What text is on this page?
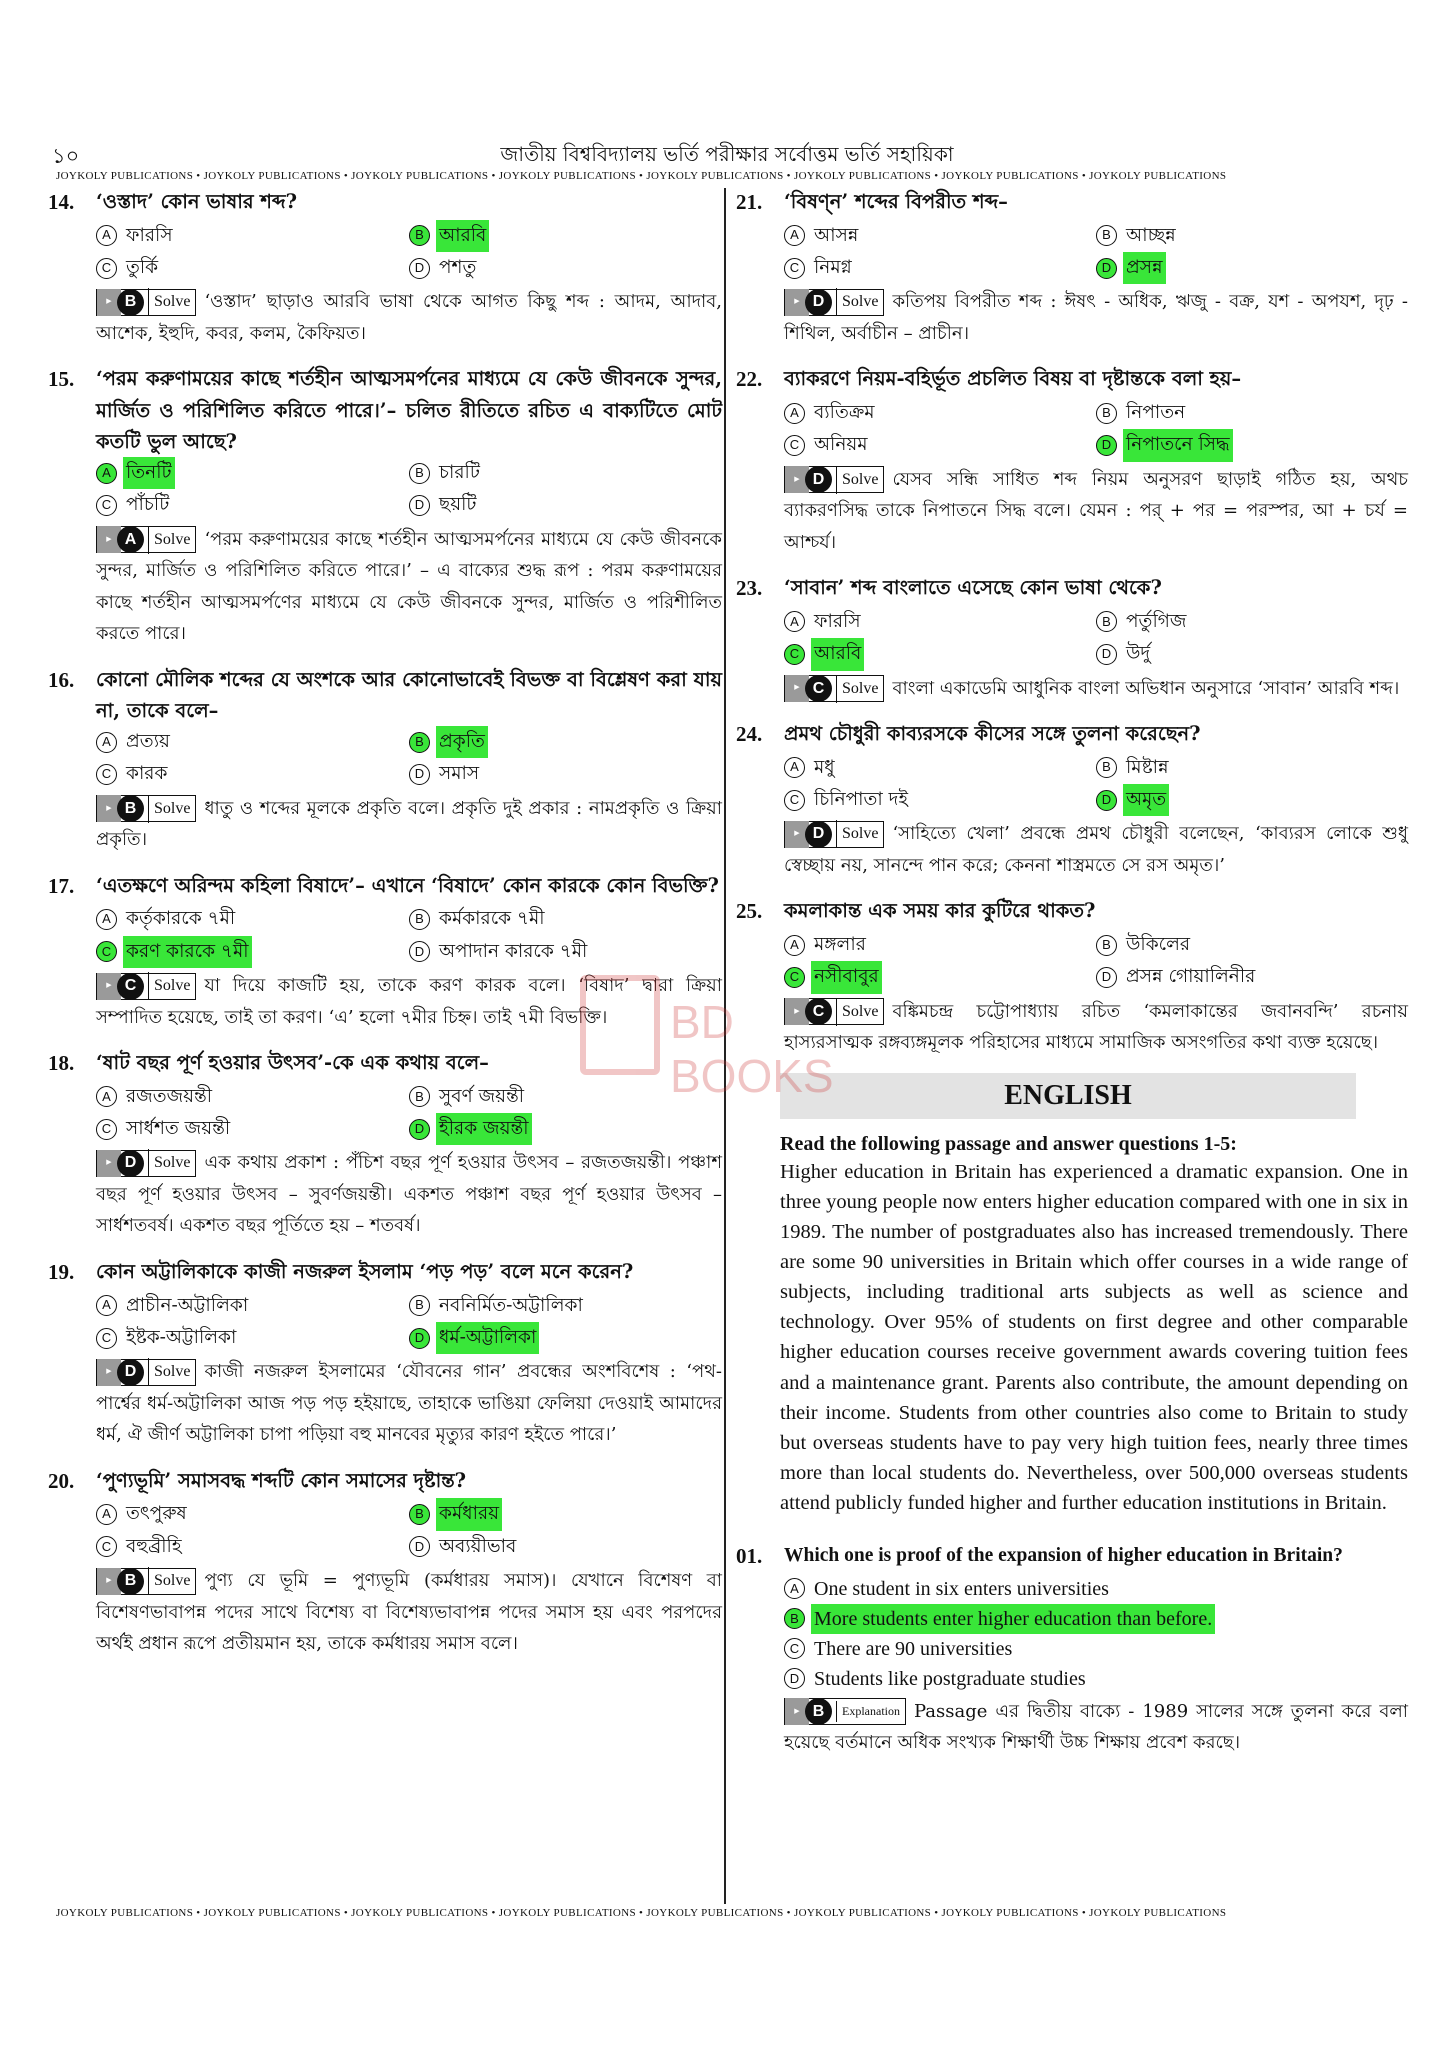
১০	জাতীয় বিশ্ববিদ্যালয় ভর্তি পরীক্ষার সর্বোত্তম ভর্তি সহায়িকা
JOYKOLY PUBLICATIONS • JOYKOLY PUBLICATIONS • JOYKOLY PUBLICATIONS • JOYKOLY PUBLICATIONS • JOYKOLY PUBLICATIONS • JOYKOLY PUBLICATIONS • JOYKOLY PUBLICATIONS • JOYKOLY PUBLICATIONS
14.	‘ওস্তাদ’ কোন ভাষার শব্দ?
A ফারসি	B আরবি
C তুর্কি	D পশতু
▶ B	Solve ‘ওস্তাদ’ ছাড়াও আরবি ভাষা থেকে আগত কিছু শব্দ : আদম, আদাব, আশেক, ইহুদি, কবর, কলম, কৈফিয়ত।
15.	‘পরম করুণাময়ের কাছে শর্তহীন আত্মসমর্পনের মাধ্যমে যে কেউ জীবনকে সুন্দর, মার্জিত ও পরিশিলিত করিতে পারে।’– চলিত রীতিতে রচিত এ বাক্যটিতে মোট কতটি ভুল আছে?
A তিনটি	B চারটি
C পাঁচটি	D ছয়টি
▶ A	Solve ‘পরম করুণাময়ের কাছে শর্তহীন আত্মসমর্পনের মাধ্যমে যে কেউ জীবনকে সুন্দর, মার্জিত ও পরিশিলিত করিতে পারে।’ – এ বাক্যের শুদ্ধ রূপ : পরম করুণাময়ের কাছে শর্তহীন আত্মসমর্পণের মাধ্যমে যে কেউ জীবনকে সুন্দর, মার্জিত ও পরিশীলিত করতে পারে।
16.	কোনো মৌলিক শব্দের যে অংশকে আর কোনোভাবেই বিভক্ত বা বিশ্লেষণ করা যায় না, তাকে বলে–
A প্রত্যয়	B প্রকৃতি
C কারক	D সমাস
▶ B	Solve ধাতু ও শব্দের মূলকে প্রকৃতি বলে। প্রকৃতি দুই প্রকার : নামপ্রকৃতি ও ক্রিয়া প্রকৃতি।
17.	‘এতক্ষণে অরিন্দম কহিলা বিষাদে’– এখানে ‘বিষাদে’ কোন কারকে কোন বিভক্তি?
A কর্তৃকারকে ৭মী	B কর্মকারকে ৭মী
C করণ কারকে ৭মী	D অপাদান কারকে ৭মী
▶ C	Solve যা দিয়ে কাজটি হয়, তাকে করণ কারক বলে। ‘বিষাদ’ দ্বারা ক্রিয়া সম্পাদিত হয়েছে, তাই তা করণ। ‘এ’ হলো ৭মীর চিহ্ন। তাই ৭মী বিভক্তি।
18.	‘ষাট বছর পূর্ণ হওয়ার উৎসব’-কে এক কথায় বলে–
A রজতজয়ন্তী	B সুবর্ণ জয়ন্তী
C সার্ধশত জয়ন্তী	D হীরক জয়ন্তী
▶ D	Solve এক কথায় প্রকাশ : পঁচিশ বছর পূর্ণ হওয়ার উৎসব – রজতজয়ন্তী। পঞ্চাশ বছর পূর্ণ হওয়ার উৎসব – সুবর্ণজয়ন্তী। একশত পঞ্চাশ বছর পূর্ণ হওয়ার উৎসব – সার্ধশতবর্ষ। একশত বছর পূর্তিতে হয় – শতবর্ষ।
19.	কোন অট্টালিকাকে কাজী নজরুল ইসলাম ‘পড় পড়’ বলে মনে করেন?
A প্রাচীন-অট্টালিকা	B নবনির্মিত-অট্টালিকা
C ইষ্টক-অট্টালিকা	D ধর্ম-অট্টালিকা
▶ D	Solve কাজী নজরুল ইসলামের ‘যৌবনের গান’ প্রবন্ধের অংশবিশেষ : ‘পথ-পার্শ্বের ধর্ম-অট্টালিকা আজ পড় পড় হইয়াছে, তাহাকে ভাঙিয়া ফেলিয়া দেওয়াই আমাদের ধর্ম, ঐ জীর্ণ অট্টালিকা চাপা পড়িয়া বহু মানবের মৃত্যুর কারণ হইতে পারে।’
20.	‘পুণ্যভূমি’ সমাসবদ্ধ শব্দটি কোন সমাসের দৃষ্টান্ত?
A তৎপুরুষ	B কর্মধারয়
C বহুব্রীহি	D অব্যয়ীভাব
▶ B	Solve পুণ্য যে ভূমি = পুণ্যভূমি (কর্মধারয় সমাস)। যেখানে বিশেষণ বা বিশেষণভাবাপন্ন পদের সাথে বিশেষ্য বা বিশেষ্যভাবাপন্ন পদের সমাস হয় এবং পরপদের অর্থই প্রধান রূপে প্রতীয়মান হয়, তাকে কর্মধারয় সমাস বলে।
21.	‘বিষণ্ন’ শব্দের বিপরীত শব্দ–
A আসন্ন	B আচ্ছন্ন
C নিমগ্ন	D প্রসন্ন
▶ D	Solve কতিপয় বিপরীত শব্দ : ঈষৎ - অধিক, ঋজু - বক্র, যশ - অপযশ, দৃঢ় - শিথিল, অর্বাচীন – প্রাচীন।
22.	ব্যাকরণে নিয়ম-বহির্ভূত প্রচলিত বিষয় বা দৃষ্টান্তকে বলা হয়–
A ব্যতিক্রম	B নিপাতন
C অনিয়ম	D নিপাতনে সিদ্ধ
▶ D	Solve যেসব সন্ধি সাধিত শব্দ নিয়ম অনুসরণ ছাড়াই গঠিত হয়, অথচ ব্যাকরণসিদ্ধ তাকে নিপাতনে সিদ্ধ বলে। যেমন : পর্ + পর = পরস্পর, আ + চর্য = আশ্চর্য।
23.	‘সাবান’ শব্দ বাংলাতে এসেছে কোন ভাষা থেকে?
A ফারসি	B পর্তুগিজ
C আরবি	D উর্দু
▶ C	Solve বাংলা একাডেমি আধুনিক বাংলা অভিধান অনুসারে ‘সাবান’ আরবি শব্দ।
24.	প্রমথ চৌধুরী কাব্যরসকে কীসের সঙ্গে তুলনা করেছেন?
A মধু	B মিষ্টান্ন
C চিনিপাতা দই	D অমৃত
▶ D	Solve ‘সাহিত্যে খেলা’ প্রবন্ধে প্রমথ চৌধুরী বলেছেন, ‘কাব্যরস লোকে শুধু স্বেচ্ছায় নয়, সানন্দে পান করে; কেননা শাস্ত্রমতে সে রস অমৃত।’
25.	কমলাকান্ত এক সময় কার কুটিরে থাকত?
A মঙ্গলার	B উকিলের
C নসীবাবুর	D প্রসন্ন গোয়ালিনীর
▶ C	Solve বঙ্কিমচন্দ্র চট্টোপাধ্যায় রচিত ‘কমলাকান্তের জবানবন্দি’ রচনায় হাস্যরসাত্মক রঙ্গব্যঙ্গমূলক পরিহাসের মাধ্যমে সামাজিক অসংগতির কথা ব্যক্ত হয়েছে।
ENGLISH
Read the following passage and answer questions 1-5:
Higher education in Britain has experienced a dramatic expansion. One in three young people now enters higher education compared with one in six in 1989. The number of postgraduates also has increased tremendously. There are some 90 universities in Britain which offer courses in a wide range of subjects, including traditional arts subjects as well as science and technology. Over 95% of students on first degree and other comparable higher education courses receive government awards covering tuition fees and a maintenance grant. Parents also contribute, the amount depending on their income. Students from other countries also come to Britain to study but overseas students have to pay very high tuition fees, nearly three times more than local students do. Nevertheless, over 500,000 overseas students attend publicly funded higher and further education institutions in Britain.
01.	Which one is proof of the expansion of higher education in Britain?
A One student in six enters universities
B More students enter higher education than before.
C There are 90 universities
D Students like postgraduate studies
▶ B	Explanation Passage এর দ্বিতীয় বাক্যে - 1989 সালের সঙ্গে তুলনা করে বলা হয়েছে বর্তমানে অধিক সংখ্যক শিক্ষার্থী উচ্চ শিক্ষায় প্রবেশ করছে।
BD BOOKS
JOYKOLY PUBLICATIONS • JOYKOLY PUBLICATIONS • JOYKOLY PUBLICATIONS • JOYKOLY PUBLICATIONS • JOYKOLY PUBLICATIONS • JOYKOLY PUBLICATIONS • JOYKOLY PUBLICATIONS • JOYKOLY PUBLICATIONS
